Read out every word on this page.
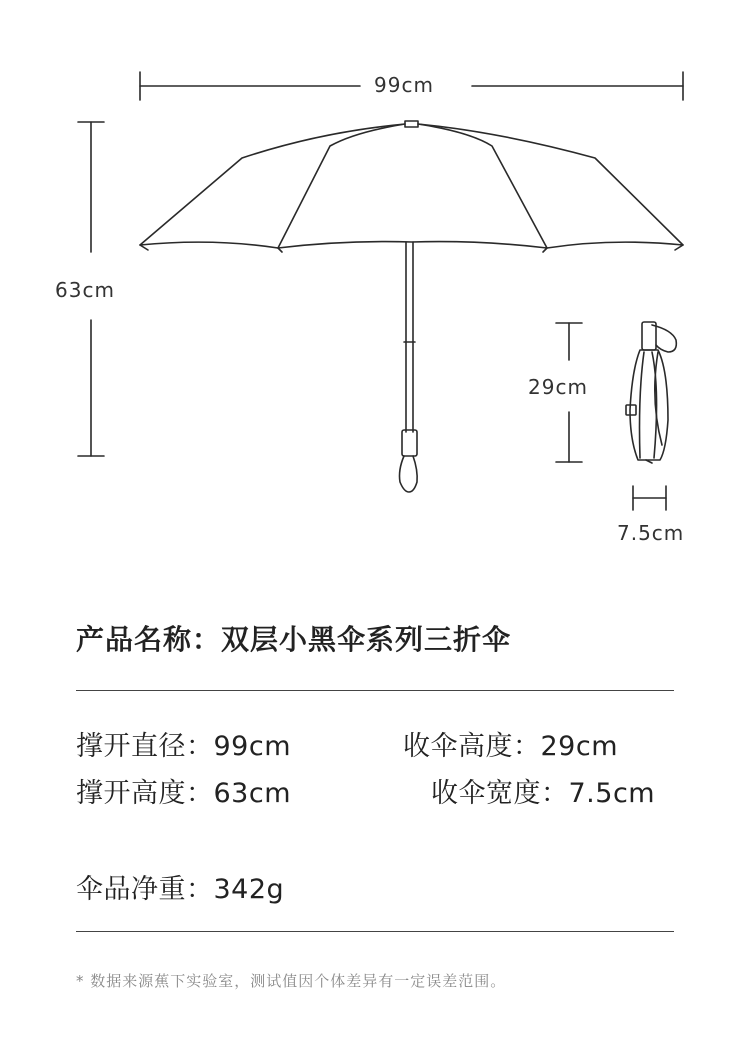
99cm
63cm
29cm
7.5cm
产品名称：双层小黑伞系列三折伞
撑开直径：99cm	收伞高度：29cm
撑开高度：63cm	收伞宽度：7.5cm
伞品净重：342g
* 数据来源蕉下实验室，测试值因个体差异有一定误差范围。
